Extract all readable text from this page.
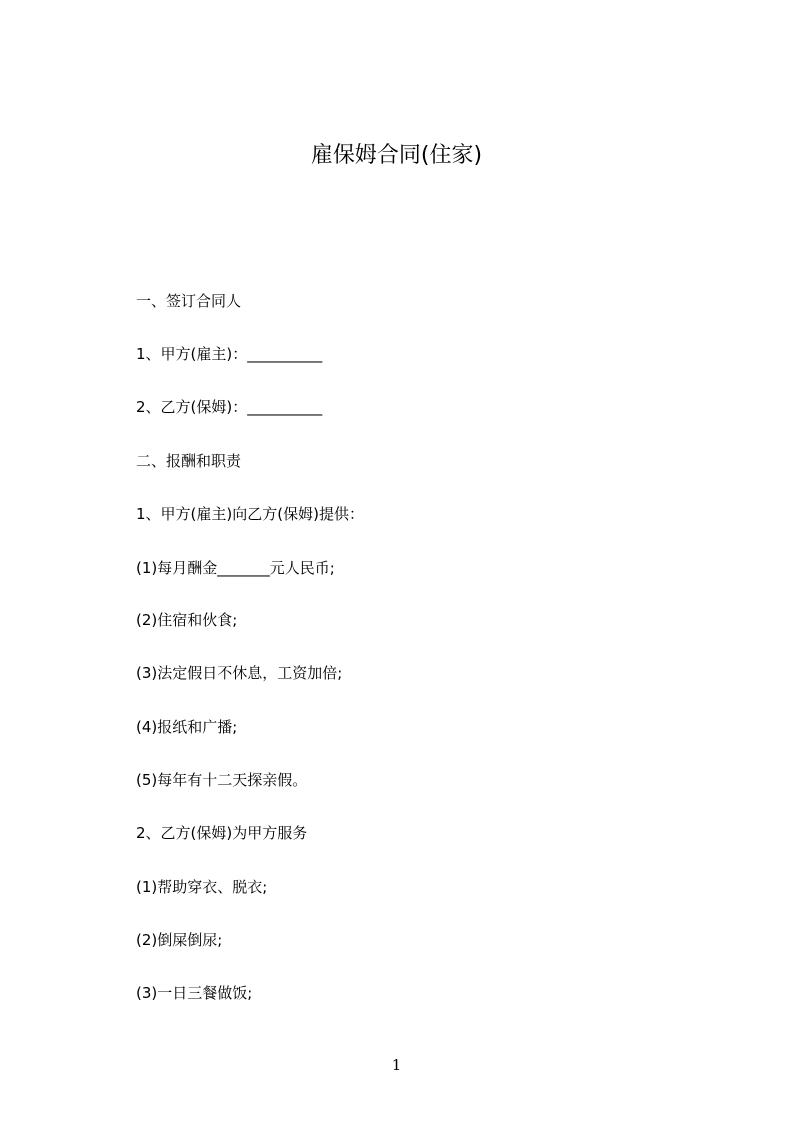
雇保姆合同(住家)
一、签订合同人
1、甲方(雇主)：__________
2、乙方(保姆)：__________
二、报酬和职责
1、甲方(雇主)向乙方(保姆)提供：
(1)每月酬金_______元人民币;
(2)住宿和伙食;
(3)法定假日不休息，工资加倍;
(4)报纸和广播;
(5)每年有十二天探亲假。
2、乙方(保姆)为甲方服务
(1)帮助穿衣、脱衣;
(2)倒屎倒尿;
(3)一日三餐做饭;
1
